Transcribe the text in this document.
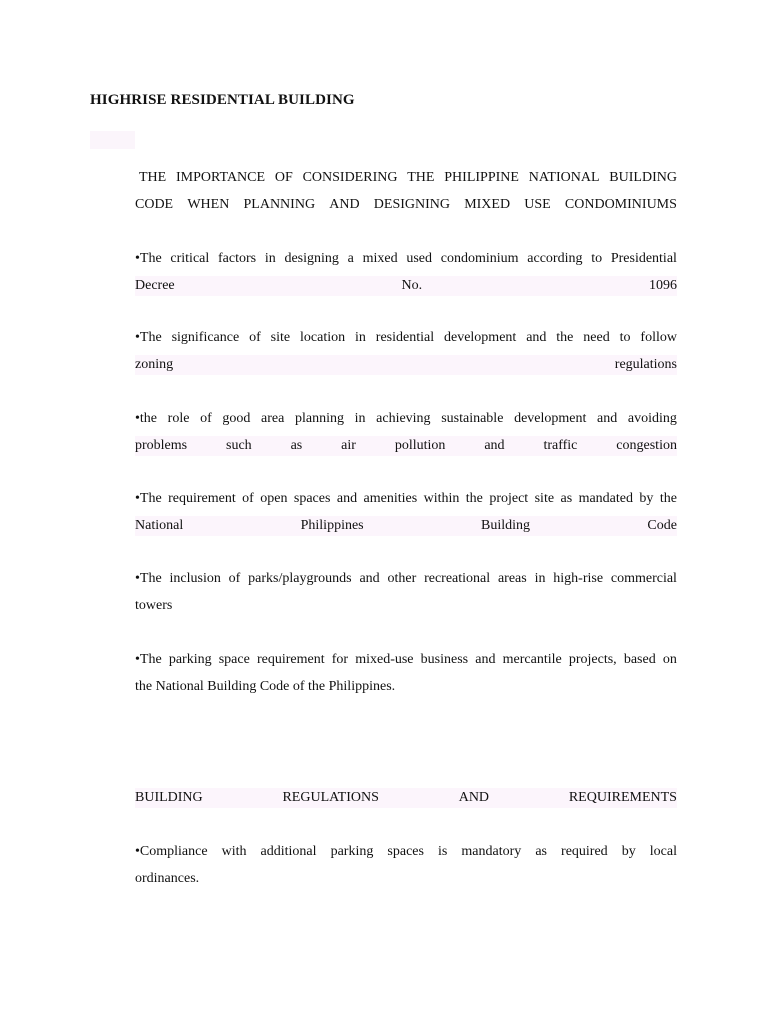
HIGHRISE RESIDENTIAL BUILDING
THE IMPORTANCE OF CONSIDERING THE PHILIPPINE NATIONAL BUILDING
CODE WHEN PLANNING AND DESIGNING MIXED USE CONDOMINIUMS
•The critical factors in designing a mixed used condominium according to Presidential
Decree	No.	1096
•The significance of site location in residential development and the need to follow
zoning	regulations
•the role of good area planning in achieving sustainable development and avoiding
problems	such	as	air	pollution	and	traffic	congestion
•The requirement of open spaces and amenities within the project site as mandated by the
National	Philippines	Building	Code
•The inclusion of parks/playgrounds and other recreational areas in high-rise commercial
towers
•The parking space requirement for mixed-use business and mercantile projects, based on
the National Building Code of the Philippines.
BUILDING	REGULATIONS	AND	REQUIREMENTS
•Compliance with additional parking spaces is mandatory as required by local
ordinances.
